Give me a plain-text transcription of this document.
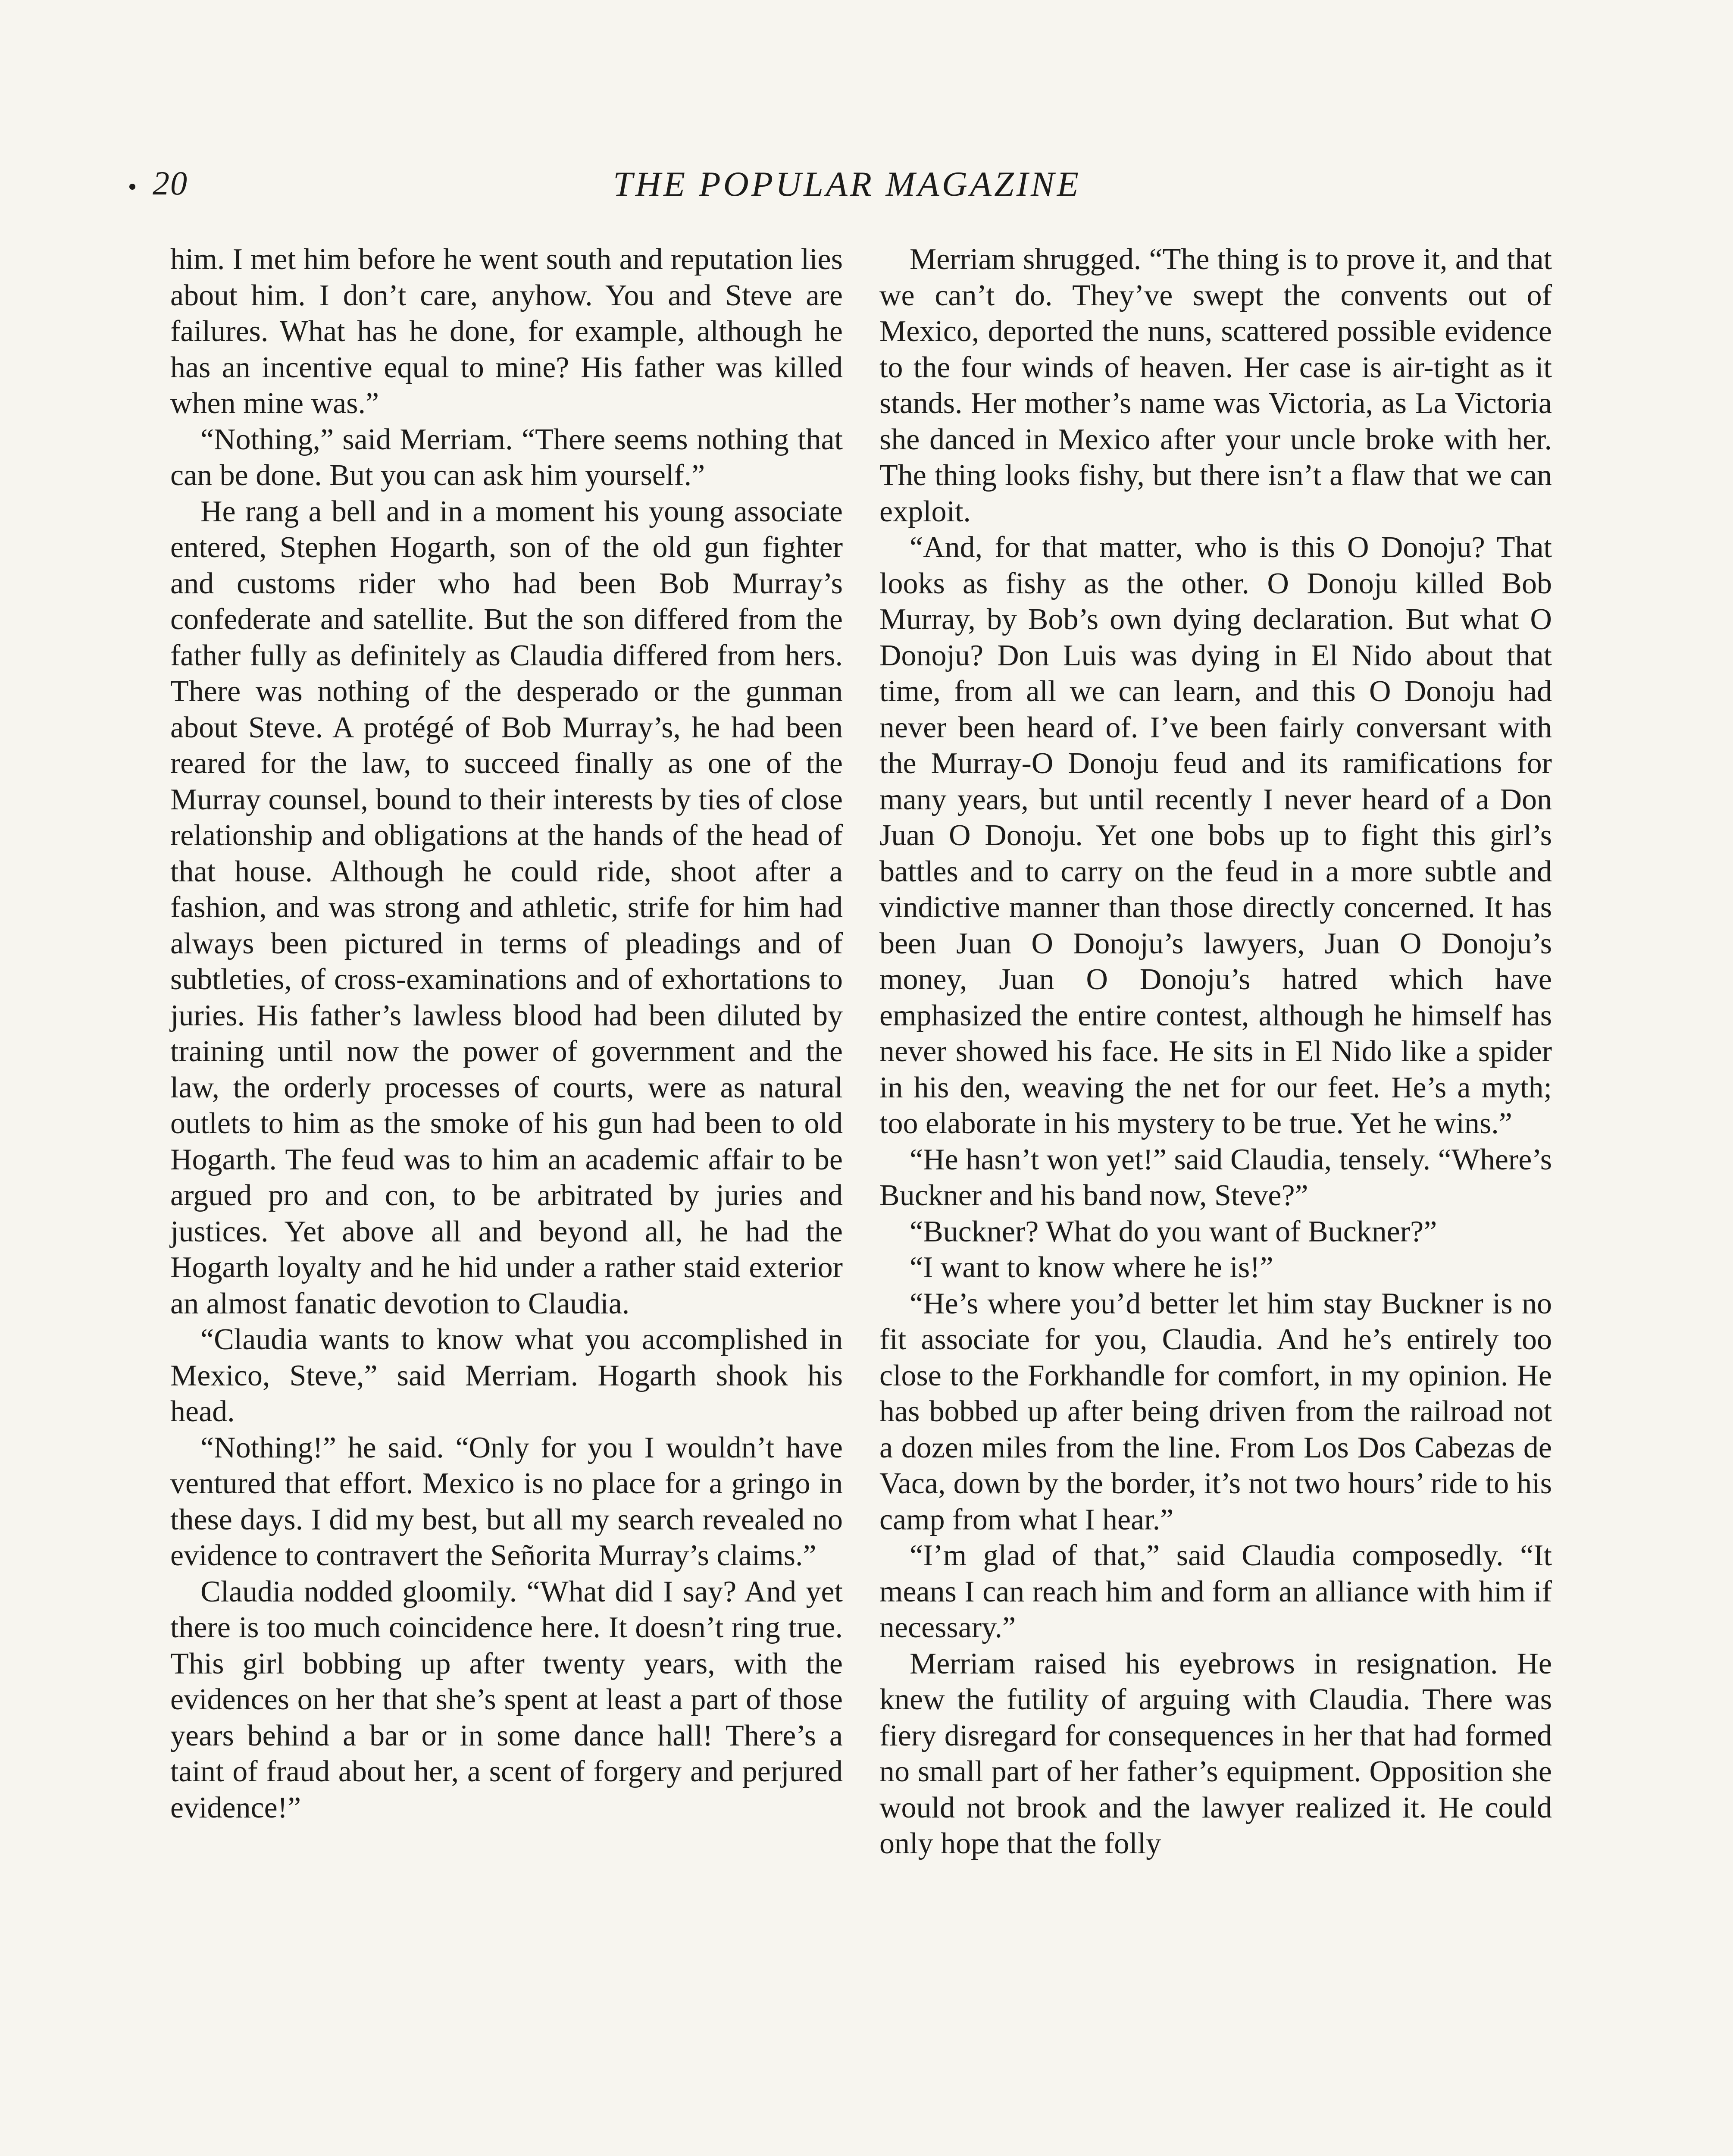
20	THE POPULAR MAGAZINE

him. I met him before he went south and reputation lies about him. I don’t care, anyhow. You and Steve are failures. What has he done, for example, although he has an incentive equal to mine? His father was killed when mine was.”

“Nothing,” said Merriam. “There seems nothing that can be done. But you can ask him yourself.”

He rang a bell and in a moment his young associate entered, Stephen Hogarth, son of the old gun fighter and customs rider who had been Bob Murray’s confederate and satellite. But the son differed from the father fully as definitely as Claudia differed from hers. There was nothing of the desperado or the gunman about Steve. A protégé of Bob Murray’s, he had been reared for the law, to succeed finally as one of the Murray counsel, bound to their interests by ties of close relationship and obligations at the hands of the head of that house. Although he could ride, shoot after a fashion, and was strong and athletic, strife for him had always been pictured in terms of pleadings and of subtleties, of cross-examinations and of exhortations to juries. His father’s lawless blood had been diluted by training until now the power of government and the law, the orderly processes of courts, were as natural outlets to him as the smoke of his gun had been to old Hogarth. The feud was to him an academic affair to be argued pro and con, to be arbitrated by juries and justices. Yet above all and beyond all, he had the Hogarth loyalty and he hid under a rather staid exterior an almost fanatic devotion to Claudia.

“Claudia wants to know what you accomplished in Mexico, Steve,” said Merriam. Hogarth shook his head.

“Nothing!” he said. “Only for you I wouldn’t have ventured that effort. Mexico is no place for a gringo in these days. I did my best, but all my search revealed no evidence to contravert the Señorita Murray’s claims.”

Claudia nodded gloomily. “What did I say? And yet there is too much coincidence here. It doesn’t ring true. This girl bobbing up after twenty years, with the evidences on her that she’s spent at least a part of those years behind a bar or in some dance hall! There’s a taint of fraud about her, a scent of forgery and perjured evidence!”

Merriam shrugged. “The thing is to prove it, and that we can’t do. They’ve swept the convents out of Mexico, deported the nuns, scattered possible evidence to the four winds of heaven. Her case is air-tight as it stands. Her mother’s name was Victoria, as La Victoria she danced in Mexico after your uncle broke with her. The thing looks fishy, but there isn’t a flaw that we can exploit.

“And, for that matter, who is this O Donoju? That looks as fishy as the other. O Donoju killed Bob Murray, by Bob’s own dying declaration. But what O Donoju? Don Luis was dying in El Nido about that time, from all we can learn, and this O Donoju had never been heard of. I’ve been fairly conversant with the Murray-O Donoju feud and its ramifications for many years, but until recently I never heard of a Don Juan O Donoju. Yet one bobs up to fight this girl’s battles and to carry on the feud in a more subtle and vindictive manner than those directly concerned. It has been Juan O Donoju’s lawyers, Juan O Donoju’s money, Juan O Donoju’s hatred which have emphasized the entire contest, although he himself has never showed his face. He sits in El Nido like a spider in his den, weaving the net for our feet. He’s a myth; too elaborate in his mystery to be true. Yet he wins.”

“He hasn’t won yet!” said Claudia, tensely. “Where’s Buckner and his band now, Steve?”

“Buckner? What do you want of Buckner?”

“I want to know where he is!”

“He’s where you’d better let him stay Buckner is no fit associate for you, Claudia. And he’s entirely too close to the Forkhandle for comfort, in my opinion. He has bobbed up after being driven from the railroad not a dozen miles from the line. From Los Dos Cabezas de Vaca, down by the border, it’s not two hours’ ride to his camp from what I hear.”

“I’m glad of that,” said Claudia composedly. “It means I can reach him and form an alliance with him if necessary.”

Merriam raised his eyebrows in resignation. He knew the futility of arguing with Claudia. There was fiery disregard for consequences in her that had formed no small part of her father’s equipment. Opposition she would not brook and the lawyer realized it. He could only hope that the folly
